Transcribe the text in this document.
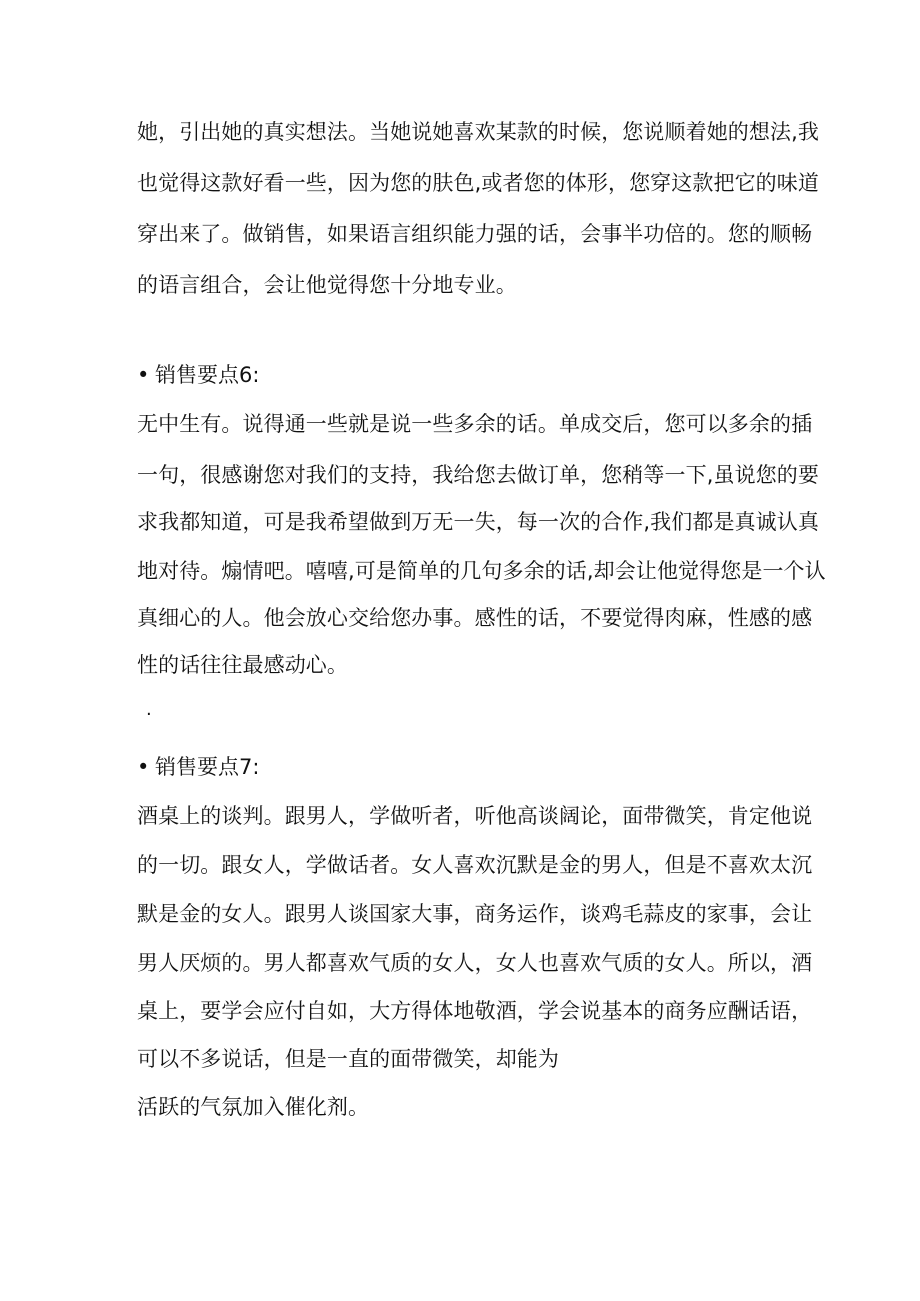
她，引出她的真实想法。当她说她喜欢某款的时候，您说顺着她的想法,我
也觉得这款好看一些，因为您的肤色,或者您的体形，您穿这款把它的味道
穿出来了。做销售，如果语言组织能力强的话，会事半功倍的。您的顺畅
的语言组合，会让他觉得您十分地专业。
• 销售要点6:
无中生有。说得通一些就是说一些多余的话。单成交后，您可以多余的插
一句，很感谢您对我们的支持，我给您去做订单，您稍等一下,虽说您的要
求我都知道，可是我希望做到万无一失，每一次的合作,我们都是真诚认真
地对待。煽情吧。嘻嘻,可是简单的几句多余的话,却会让他觉得您是一个认
真细心的人。他会放心交给您办事。感性的话，不要觉得肉麻，性感的感
性的话往往最感动心。
·
• 销售要点7:
酒桌上的谈判。跟男人，学做听者，听他高谈阔论，面带微笑，肯定他说
的一切。跟女人，学做话者。女人喜欢沉默是金的男人，但是不喜欢太沉
默是金的女人。跟男人谈国家大事，商务运作，谈鸡毛蒜皮的家事，会让
男人厌烦的。男人都喜欢气质的女人，女人也喜欢气质的女人。所以，酒
桌上，要学会应付自如，大方得体地敬酒，学会说基本的商务应酬话语，
可以不多说话，但是一直的面带微笑，却能为
活跃的气氛加入催化剂。
